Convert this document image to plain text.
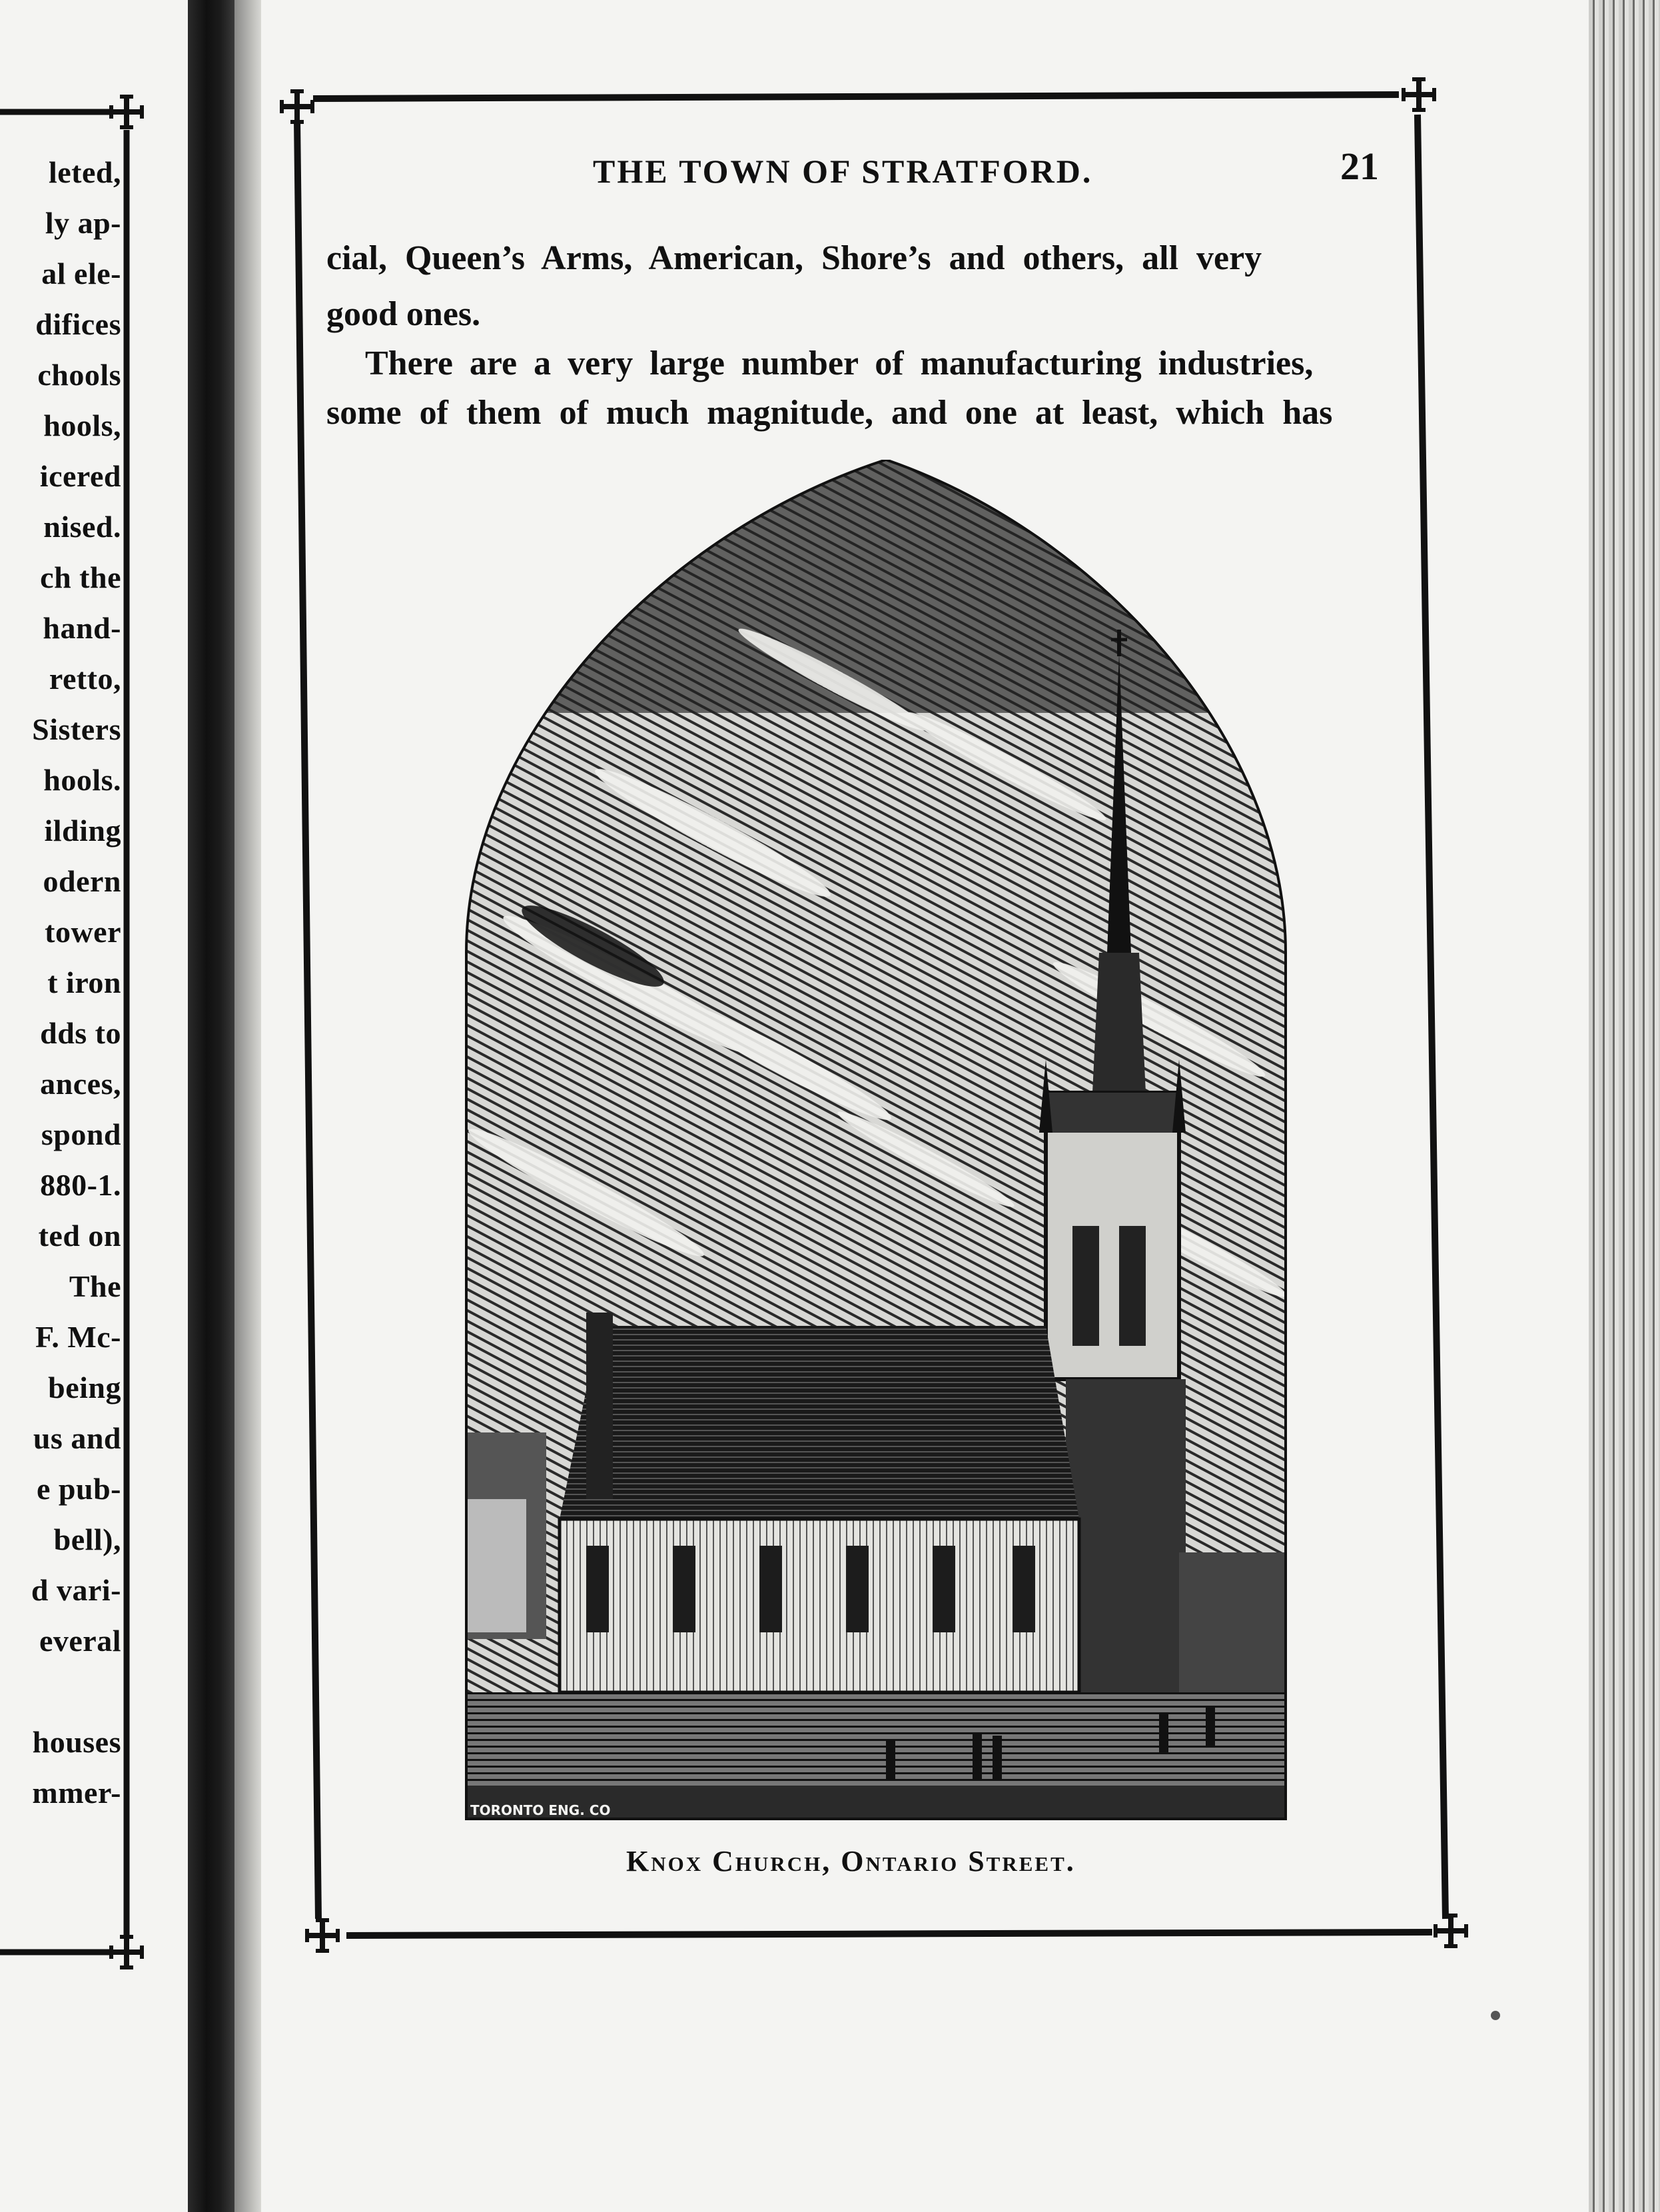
leted,
ly ap-
al ele-
difices
chools
hools,
icered
nised.
ch the
hand-
retto,
Sisters
hools.
ilding
odern
tower
t iron
dds to
ances,
spond
880-1.
ted on
The
F. Mc-
being
us and
e pub-
bell),
d vari-
everal
houses
mmer-
THE TOWN OF STRATFORD.	21
cial, Queen’s Arms, American, Shore’s and others, all very
good ones.
There are a very large number of manufacturing industries,
some of them of much magnitude, and one at least, which has
TORONTO ENG. CO
Knox Church, Ontario Street.
